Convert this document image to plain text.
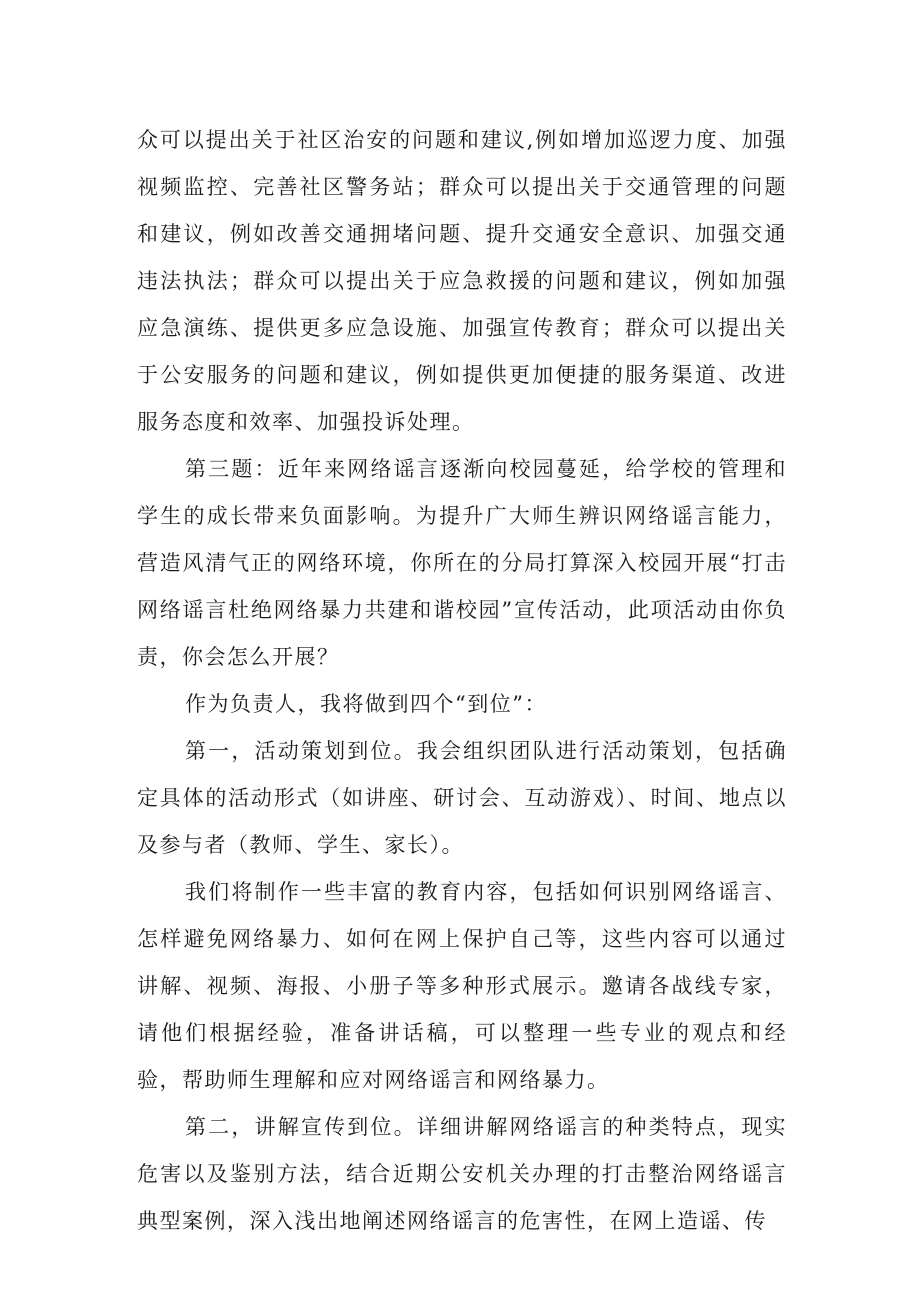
众可以提出关于社区治安的问题和建议,例如增加巡逻力度、加强视频监控、完善社区警务站；群众可以提出关于交通管理的问题和建议，例如改善交通拥堵问题、提升交通安全意识、加强交通违法执法；群众可以提出关于应急救援的问题和建议，例如加强应急演练、提供更多应急设施、加强宣传教育；群众可以提出关于公安服务的问题和建议，例如提供更加便捷的服务渠道、改进服务态度和效率、加强投诉处理。

第三题：近年来网络谣言逐渐向校园蔓延，给学校的管理和学生的成长带来负面影响。为提升广大师生辨识网络谣言能力，营造风清气正的网络环境，你所在的分局打算深入校园开展“打击网络谣言杜绝网络暴力共建和谐校园”宣传活动，此项活动由你负责，你会怎么开展？

作为负责人，我将做到四个“到位”：

第一，活动策划到位。我会组织团队进行活动策划，包括确定具体的活动形式（如讲座、研讨会、互动游戏）、时间、地点以及参与者（教师、学生、家长）。

我们将制作一些丰富的教育内容，包括如何识别网络谣言、怎样避免网络暴力、如何在网上保护自己等，这些内容可以通过讲解、视频、海报、小册子等多种形式展示。邀请各战线专家，请他们根据经验，准备讲话稿，可以整理一些专业的观点和经验，帮助师生理解和应对网络谣言和网络暴力。

第二，讲解宣传到位。详细讲解网络谣言的种类特点，现实危害以及鉴别方法，结合近期公安机关办理的打击整治网络谣言典型案例，深入浅出地阐述网络谣言的危害性，在网上造谣、传
